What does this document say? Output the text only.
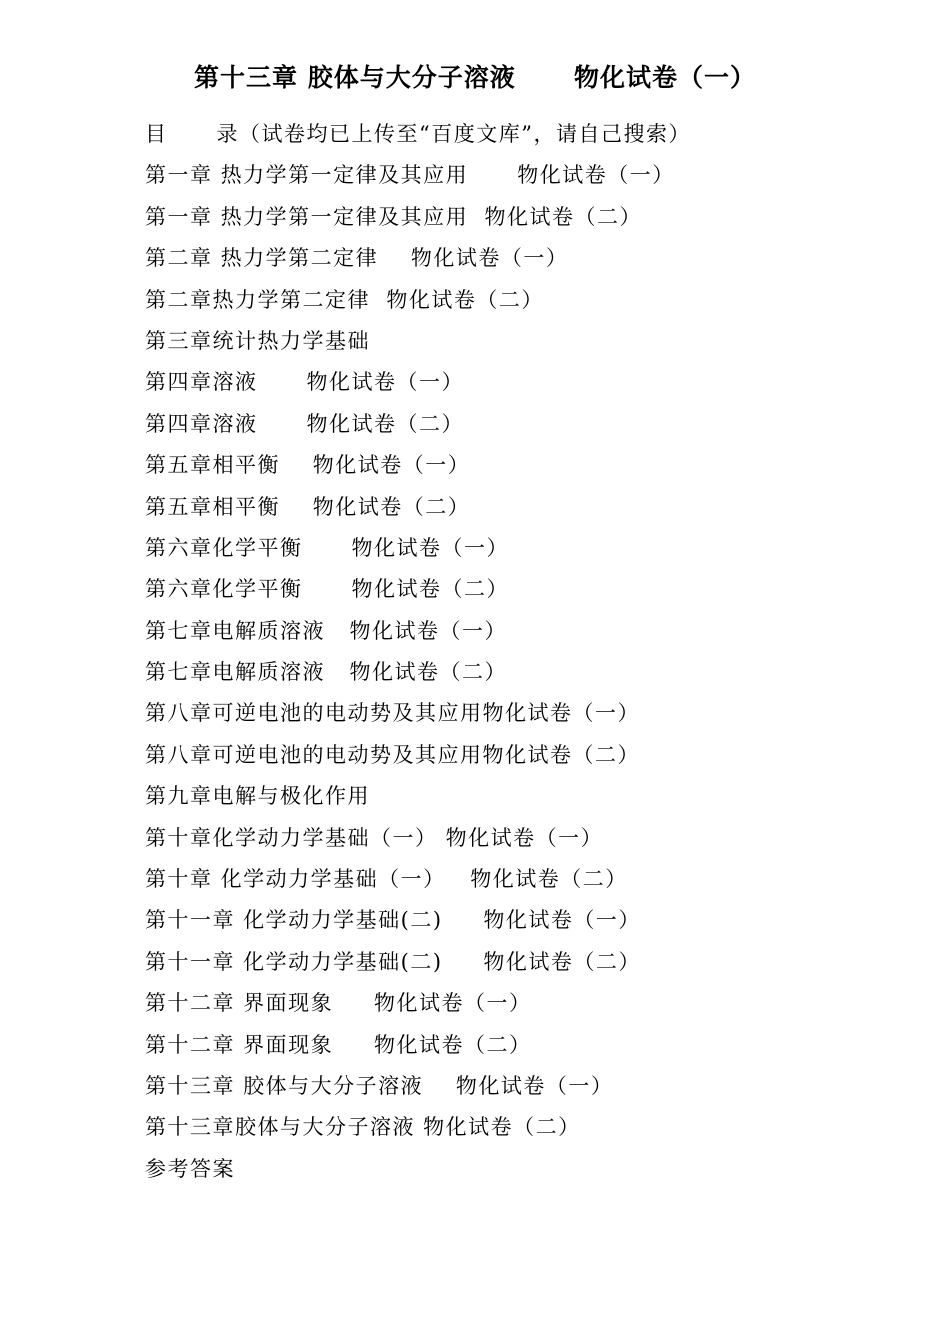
第十三章 胶体与大分子溶液      物化试卷（一）
目      录（试卷均已上传至“百度文库”，请自己搜索）
第一章 热力学第一定律及其应用      物化试卷（一）
第一章 热力学第一定律及其应用  物化试卷（二）
第二章 热力学第二定律    物化试卷（一）
第二章热力学第二定律  物化试卷（二）
第三章统计热力学基础
第四章溶液      物化试卷（一）
第四章溶液      物化试卷（二）
第五章相平衡    物化试卷（一）
第五章相平衡    物化试卷（二）
第六章化学平衡      物化试卷（一）
第六章化学平衡      物化试卷（二）
第七章电解质溶液   物化试卷（一）
第七章电解质溶液   物化试卷（二）
第八章可逆电池的电动势及其应用物化试卷（一）
第八章可逆电池的电动势及其应用物化试卷（二）
第九章电解与极化作用
第十章化学动力学基础（一） 物化试卷（一）
第十章 化学动力学基础（一）   物化试卷（二）
第十一章 化学动力学基础(二)     物化试卷（一）
第十一章 化学动力学基础(二)     物化试卷（二）
第十二章 界面现象     物化试卷（一）
第十二章 界面现象     物化试卷（二）
第十三章 胶体与大分子溶液    物化试卷（一）
第十三章胶体与大分子溶液 物化试卷（二）
参考答案
